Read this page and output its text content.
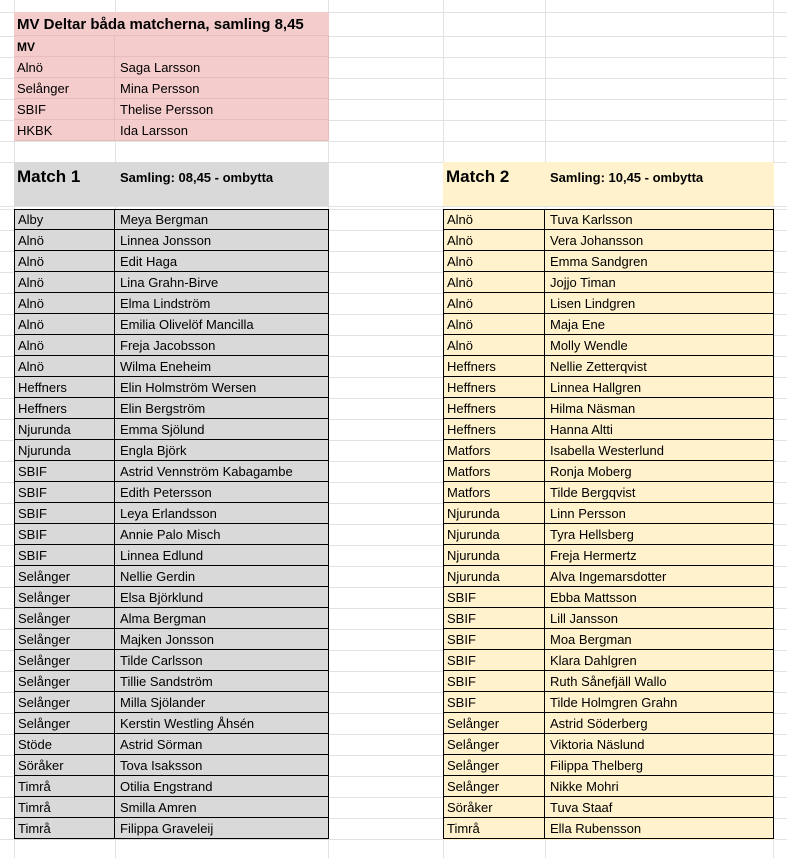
MV Deltar båda matcherna, samling 8,45
MV
Alnö	Saga Larsson
Selånger	Mina Persson
SBIF	Thelise Persson
HKBK	Ida Larsson
Match 1	Samling: 08,45 - ombytta	Match 2	Samling: 10,45 - ombytta
Alby	Meya Bergman
Alnö	Linnea Jonsson
Alnö	Edit Haga
Alnö	Lina Grahn-Birve
Alnö	Elma Lindström
Alnö	Emilia Olivelöf Mancilla
Alnö	Freja Jacobsson
Alnö	Wilma Eneheim
Heffners	Elin Holmström Wersen
Heffners	Elin Bergström
Njurunda	Emma Sjölund
Njurunda	Engla Björk
SBIF	Astrid Vennström Kabagambe
SBIF	Edith Petersson
SBIF	Leya Erlandsson
SBIF	Annie Palo Misch
SBIF	Linnea Edlund
Selånger	Nellie Gerdin
Selånger	Elsa Björklund
Selånger	Alma Bergman
Selånger	Majken Jonsson
Selånger	Tilde Carlsson
Selånger	Tillie Sandström
Selånger	Milla Sjölander
Selånger	Kerstin Westling Åhsén
Stöde	Astrid Sörman
Söråker	Tova Isaksson
Timrå	Otilia Engstrand
Timrå	Smilla Amren
Timrå	Filippa Graveleij
Alnö	Tuva Karlsson
Alnö	Vera Johansson
Alnö	Emma Sandgren
Alnö	Jojjo Timan
Alnö	Lisen Lindgren
Alnö	Maja Ene
Alnö	Molly Wendle
Heffners	Nellie Zetterqvist
Heffners	Linnea Hallgren
Heffners	Hilma Näsman
Heffners	Hanna Altti
Matfors	Isabella Westerlund
Matfors	Ronja Moberg
Matfors	Tilde Bergqvist
Njurunda	Linn Persson
Njurunda	Tyra Hellsberg
Njurunda	Freja Hermertz
Njurunda	Alva Ingemarsdotter
SBIF	Ebba Mattsson
SBIF	Lill Jansson
SBIF	Moa Bergman
SBIF	Klara Dahlgren
SBIF	Ruth Sånefjäll Wallo
SBIF	Tilde Holmgren Grahn
Selånger	Astrid Söderberg
Selånger	Viktoria Näslund
Selånger	Filippa Thelberg
Selånger	Nikke Mohri
Söråker	Tuva Staaf
Timrå	Ella Rubensson
